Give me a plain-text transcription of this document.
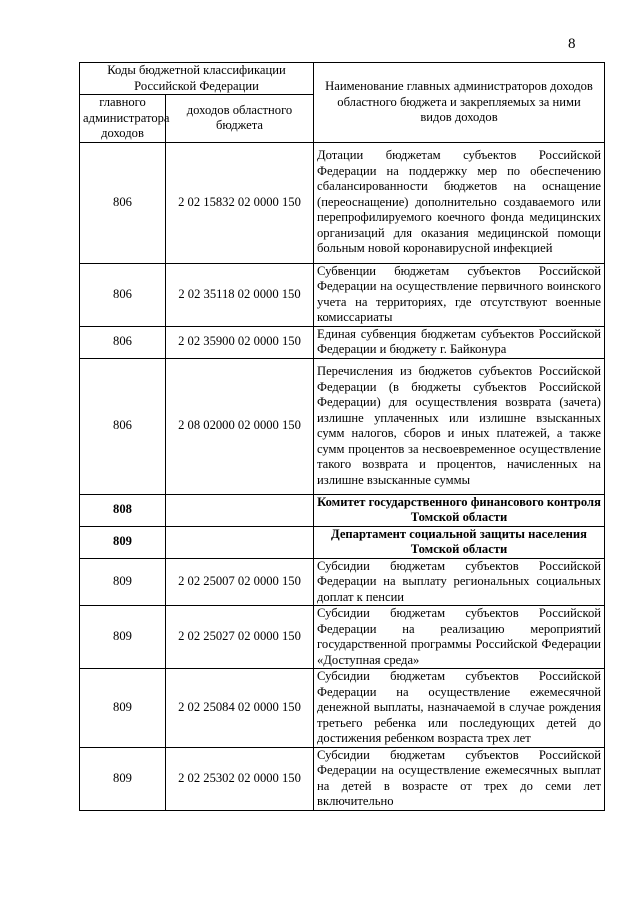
8
Коды бюджетной классификации Российской Федерации		Наименование главных администраторов доходов областного бюджета и закрепляемых за ними видов доходов
главного администратора доходов	доходов областного бюджета	
806	2 02 15832 02 0000 150	Дотации бюджетам субъектов Российской Федерации на поддержку мер по обеспечению сбалансированности бюджетов на оснащение (переоснащение) дополнительно создаваемого или перепрофилируемого коечного фонда медицинских организаций для оказания медицинской помощи больным новой коронавирусной инфекцией
806	2 02 35118 02 0000 150	Субвенции бюджетам субъектов Российской Федерации на осуществление первичного воинского учета на территориях, где отсутствуют военные комиссариаты
806	2 02 35900 02 0000 150	Единая субвенция бюджетам субъектов Российской Федерации и бюджету г. Байконура
806	2 08 02000 02 0000 150	Перечисления из бюджетов субъектов Российской Федерации (в бюджеты субъектов Российской Федерации) для осуществления возврата (зачета) излишне уплаченных или излишне взысканных сумм налогов, сборов и иных платежей, а также сумм процентов за несвоевременное осуществление такого возврата и процентов, начисленных на излишне взысканные суммы
808		Комитет государственного финансового контроля Томской области
809		Департамент социальной защиты населения Томской области
809	2 02 25007 02 0000 150	Субсидии бюджетам субъектов Российской Федерации на выплату региональных социальных доплат к пенсии
809	2 02 25027 02 0000 150	Субсидии бюджетам субъектов Российской Федерации на реализацию мероприятий государственной программы Российской Федерации «Доступная среда»
809	2 02 25084 02 0000 150	Субсидии бюджетам субъектов Российской Федерации на осуществление ежемесячной денежной выплаты, назначаемой в случае рождения третьего ребенка или последующих детей до достижения ребенком возраста трех лет
809	2 02 25302 02 0000 150	Субсидии бюджетам субъектов Российской Федерации на осуществление ежемесячных выплат на детей в возрасте от трех до семи лет включительно
